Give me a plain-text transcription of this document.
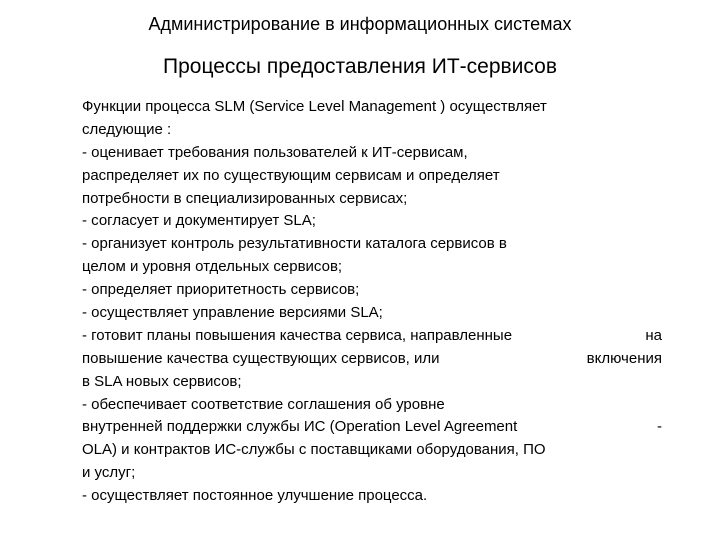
Администрирование в информационных системах
Процессы предоставления ИТ-сервисов
Функции процесса SLM (Service Level Management ) осуществляет
следующие :
- оценивает требования пользователей к ИТ-сервисам,
распределяет их по существующим сервисам и определяет
потребности в специализированных сервисах;
- согласует и документирует SLA;
- организует контроль результативности каталога сервисов в
целом и уровня отдельных сервисов;
- определяет приоритетность сервисов;
- осуществляет управление версиями SLA;
- готовит планы повышения качества сервиса, направленные	на
повышение качества существующих сервисов, или	включения
в SLA новых сервисов;
- обеспечивает соответствие соглашения об уровне
внутренней поддержки службы ИС (Operation Level Agreement	-
OLA) и контрактов ИС-службы с поставщиками оборудования, ПО
и услуг;
- осуществляет постоянное улучшение процесса.
